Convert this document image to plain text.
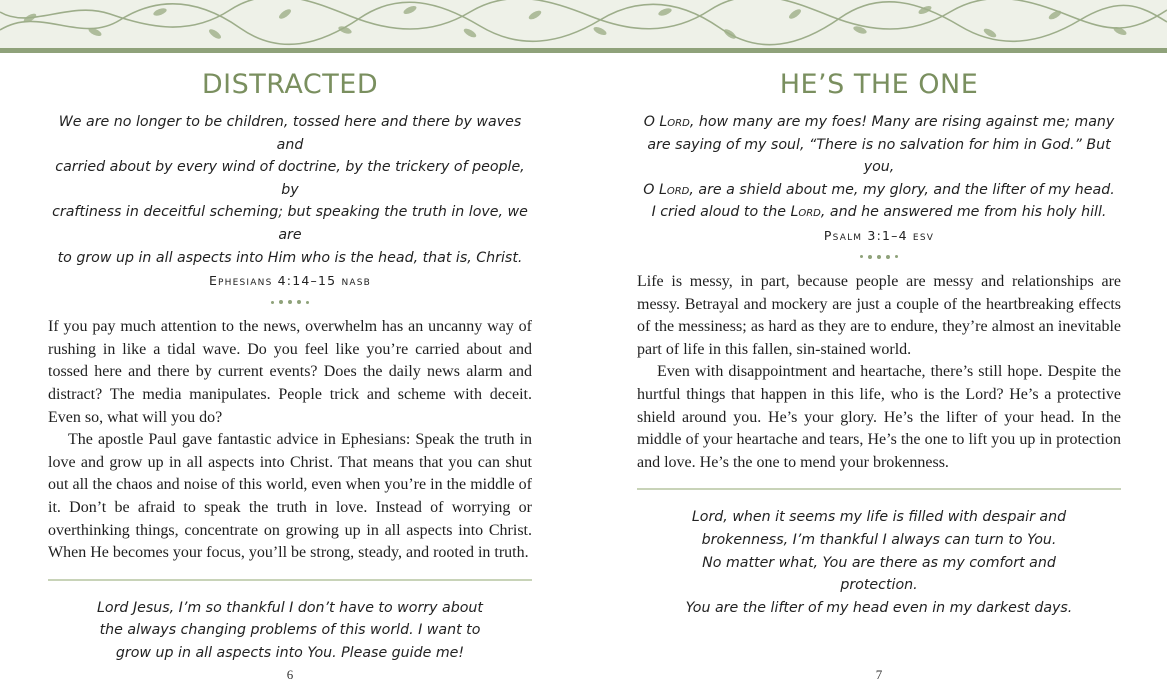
DISTRACTED
We are no longer to be children, tossed here and there by waves and
carried about by every wind of doctrine, by the trickery of people, by
craftiness in deceitful scheming; but speaking the truth in love, we are
to grow up in all aspects into Him who is the head, that is, Christ.
Ephesians 4:14–15 nasb

If you pay much attention to the news, overwhelm has an uncanny way of rushing in like a tidal wave. Do you feel like you’re carried about and tossed here and there by current events? Does the daily news alarm and distract? The media manipulates. People trick and scheme with deceit. Even so, what will you do?

The apostle Paul gave fantastic advice in Ephesians: Speak the truth in love and grow up in all aspects into Christ. That means that you can shut out all the chaos and noise of this world, even when you’re in the middle of it. Don’t be afraid to speak the truth in love. Instead of worrying or overthinking things, concentrate on growing up in all aspects into Christ. When He becomes your focus, you’ll be strong, steady, and rooted in truth.

Lord Jesus, I’m so thankful I don’t have to worry about
the always changing problems of this world. I want to
grow up in all aspects into You. Please guide me!
6
HE’S THE ONE
O Lord, how many are my foes! Many are rising against me; many
are saying of my soul, “There is no salvation for him in God.” But you,
O Lord, are a shield about me, my glory, and the lifter of my head.
I cried aloud to the Lord, and he answered me from his holy hill.
Psalm 3:1–4 esv

Life is messy, in part, because people are messy and relationships are messy. Betrayal and mockery are just a couple of the heartbreaking effects of the messiness; as hard as they are to endure, they’re almost an inevitable part of life in this fallen, sin-stained world.

Even with disappointment and heartache, there’s still hope. Despite the hurtful things that happen in this life, who is the Lord? He’s a protective shield around you. He’s your glory. He’s the lifter of your head. In the middle of your heartache and tears, He’s the one to lift you up in protection and love. He’s the one to mend your brokenness.

Lord, when it seems my life is filled with despair and
brokenness, I’m thankful I always can turn to You.
No matter what, You are there as my comfort and protection.
You are the lifter of my head even in my darkest days.
7
